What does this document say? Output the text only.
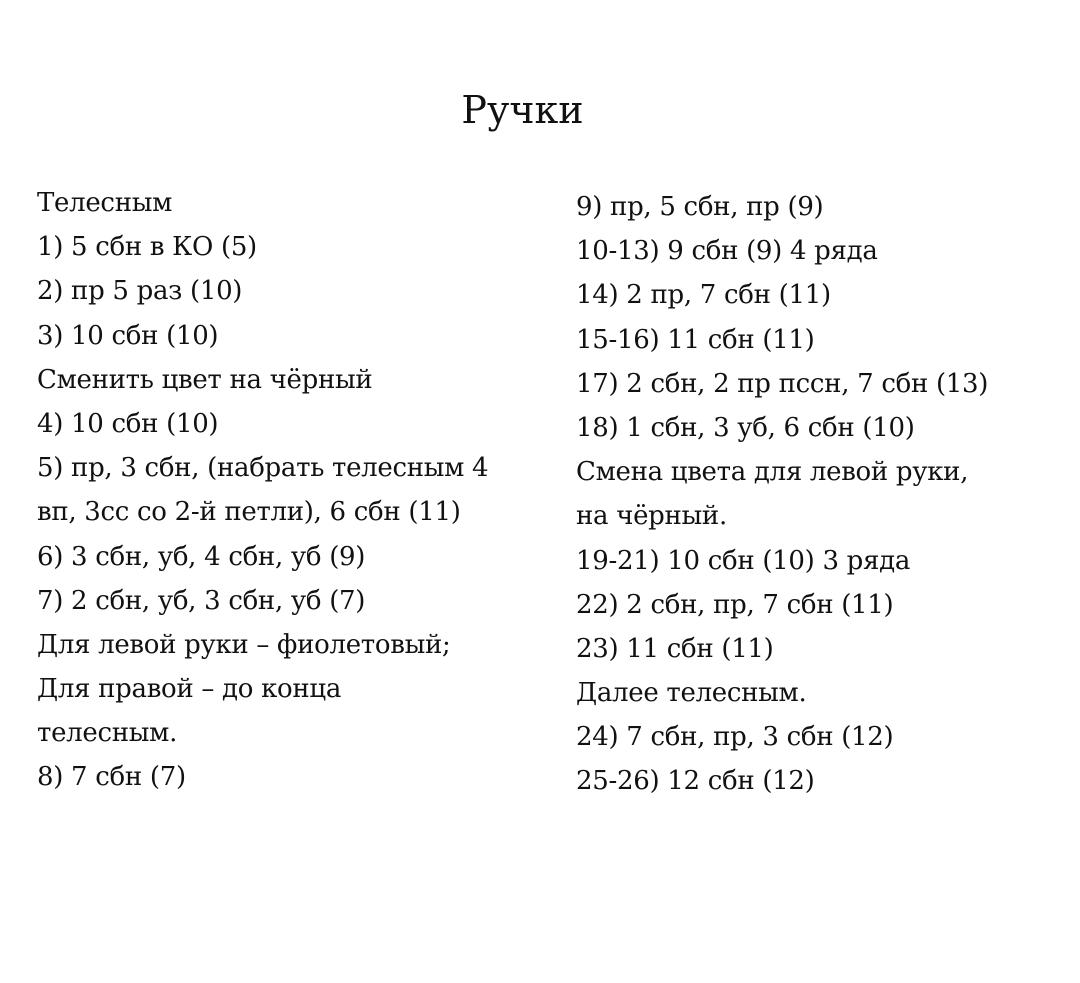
Ручки
Телесным
1) 5 сбн в КО (5)
2) пр 5 раз (10)
3) 10 сбн (10)
Сменить цвет на чёрный
4) 10 сбн (10)
5) пр, 3 сбн, (набрать телесным 4
вп, 3сс со 2-й петли), 6 сбн (11)
6) 3 сбн, уб, 4 сбн, уб (9)
7) 2 сбн, уб, 3 сбн, уб (7)
Для левой руки – фиолетовый;
Для правой – до конца
телесным.
8) 7 сбн (7)
9) пр, 5 сбн, пр (9)
10-13) 9 сбн (9) 4 ряда
14) 2 пр, 7 сбн (11)
15-16) 11 сбн (11)
17) 2 сбн, 2 пр пссн, 7 сбн (13)
18) 1 сбн, 3 уб, 6 сбн (10)
Смена цвета для левой руки,
на чёрный.
19-21) 10 сбн (10) 3 ряда
22) 2 сбн, пр, 7 сбн (11)
23) 11 сбн (11)
Далее телесным.
24) 7 сбн, пр, 3 сбн (12)
25-26) 12 сбн (12)
